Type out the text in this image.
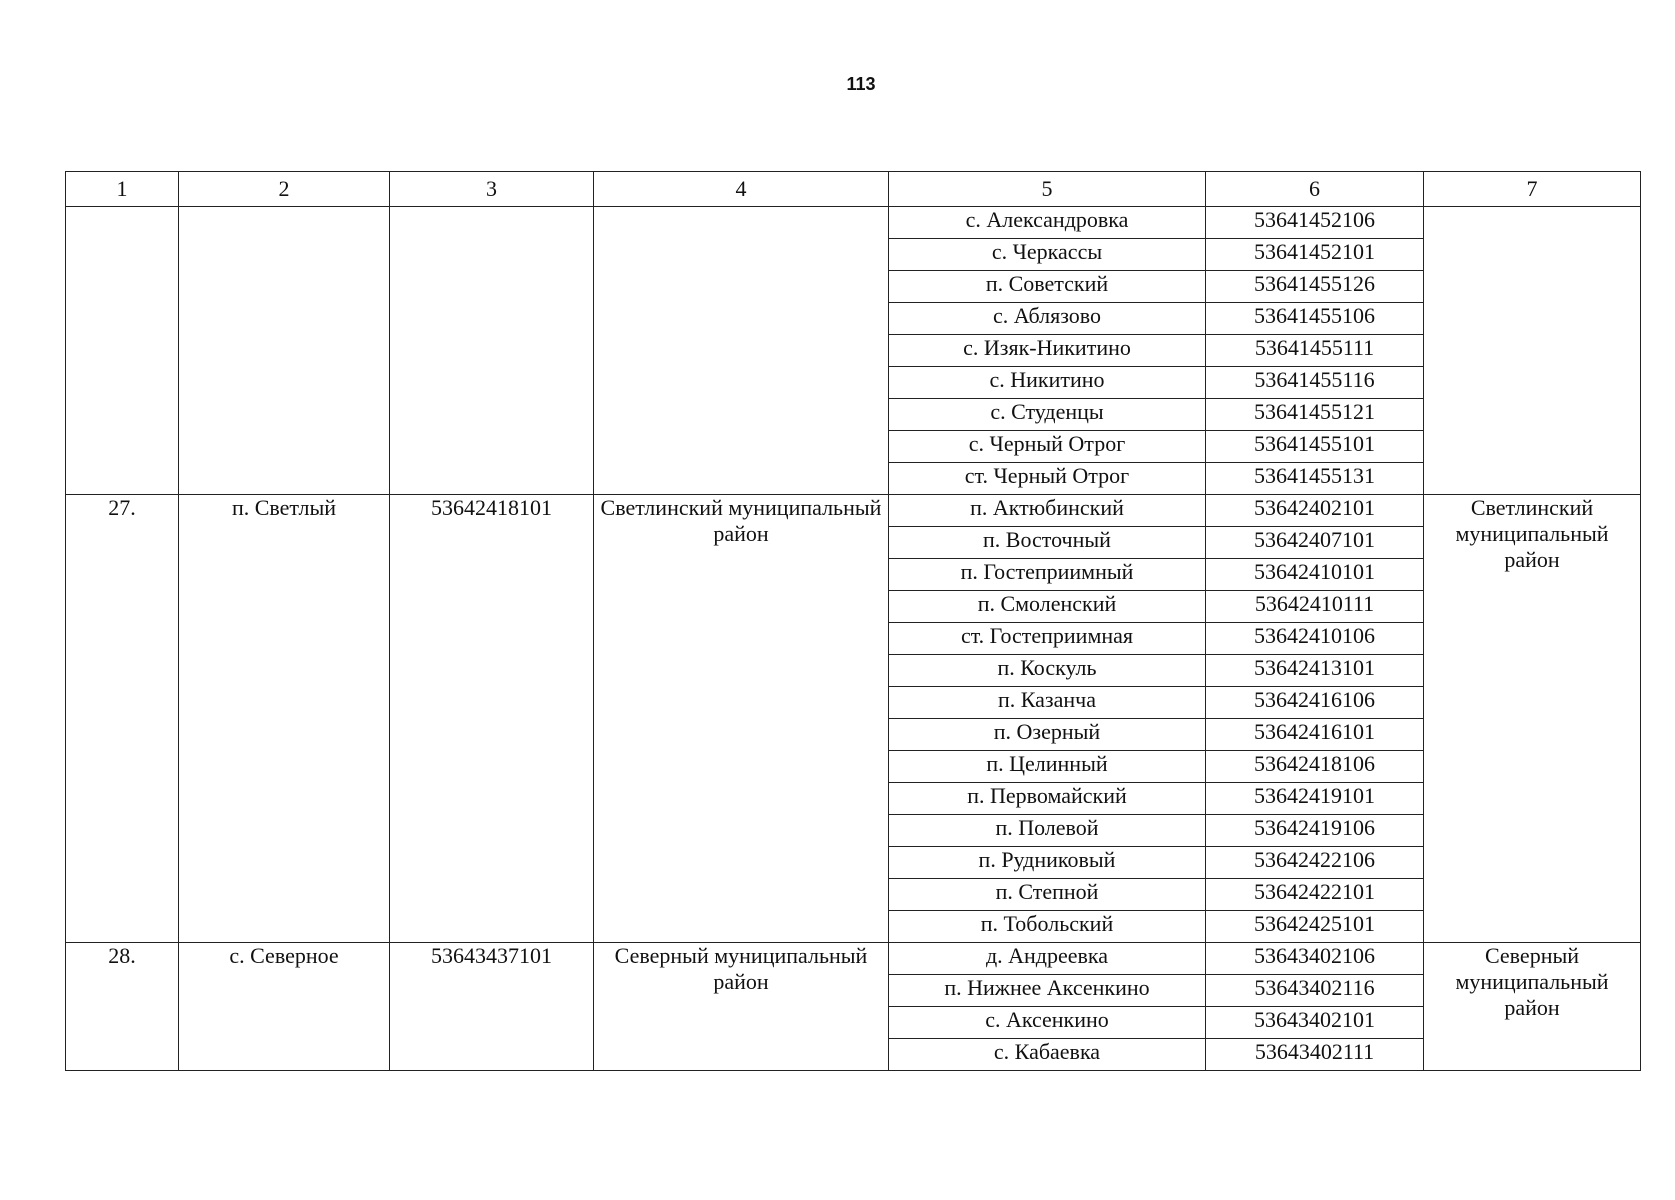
113
1	2	3	4	5	6	7
				с. Александровка	53641452106	
				с. Черкассы	53641452101	
				п. Советский	53641455126	
				с. Аблязово	53641455106	
				с. Изяк-Никитино	53641455111	
				с. Никитино	53641455116	
				с. Студенцы	53641455121	
				с. Черный Отрог	53641455101	
				ст. Черный Отрог	53641455131	
27.	п. Светлый	53642418101	Светлинский муниципальный район	п. Актюбинский	53642402101	Светлинский муниципальный район
				п. Восточный	53642407101	
				п. Гостеприимный	53642410101	
				п. Смоленский	53642410111	
				ст. Гостеприимная	53642410106	
				п. Коскуль	53642413101	
				п. Казанча	53642416106	
				п. Озерный	53642416101	
				п. Целинный	53642418106	
				п. Первомайский	53642419101	
				п. Полевой	53642419106	
				п. Рудниковый	53642422106	
				п. Степной	53642422101	
				п. Тобольский	53642425101	
28.	с. Северное	53643437101	Северный муниципальный район	д. Андреевка	53643402106	Северный муниципальный район
				п. Нижнее Аксенкино	53643402116	
				с. Аксенкино	53643402101	
				с. Кабаевка	53643402111	
